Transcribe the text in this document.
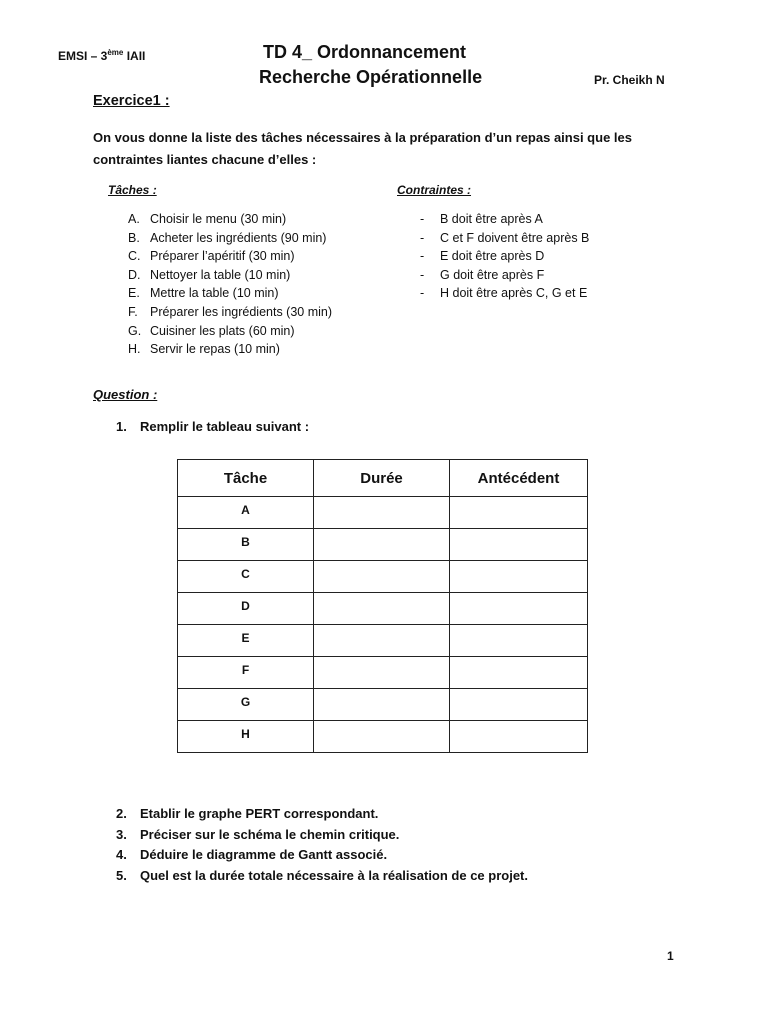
EMSI – 3ème IAII	TD 4_ Ordonnancement
Recherche Opérationnelle	Pr. Cheikh N
Exercice1 :
On vous donne la liste des tâches nécessaires à la préparation d’un repas ainsi que les contraintes liantes chacune d’elles :
Tâches :	Contraintes :
A. Choisir le menu (30 min)
B. Acheter les ingrédients (90 min)
C. Préparer l’apéritif (30 min)
D. Nettoyer la table (10 min)
E. Mettre la table (10 min)
F. Préparer les ingrédients (30 min)
G. Cuisiner les plats (60 min)
H. Servir le repas (10 min)
-	B doit être après A
-	C et F doivent être après B
-	E doit être après D
-	G doit être après F
-	H doit être après C, G et E
Question :
1.	Remplir le tableau suivant :
Tâche	Durée	Antécédent
A		
B		
C		
D		
E		
F		
G		
H		
2.	Etablir le graphe PERT correspondant.
3.	Préciser sur le schéma le chemin critique.
4.	Déduire le diagramme de Gantt associé.
5.	Quel est la durée totale nécessaire à la réalisation de ce projet.
1
